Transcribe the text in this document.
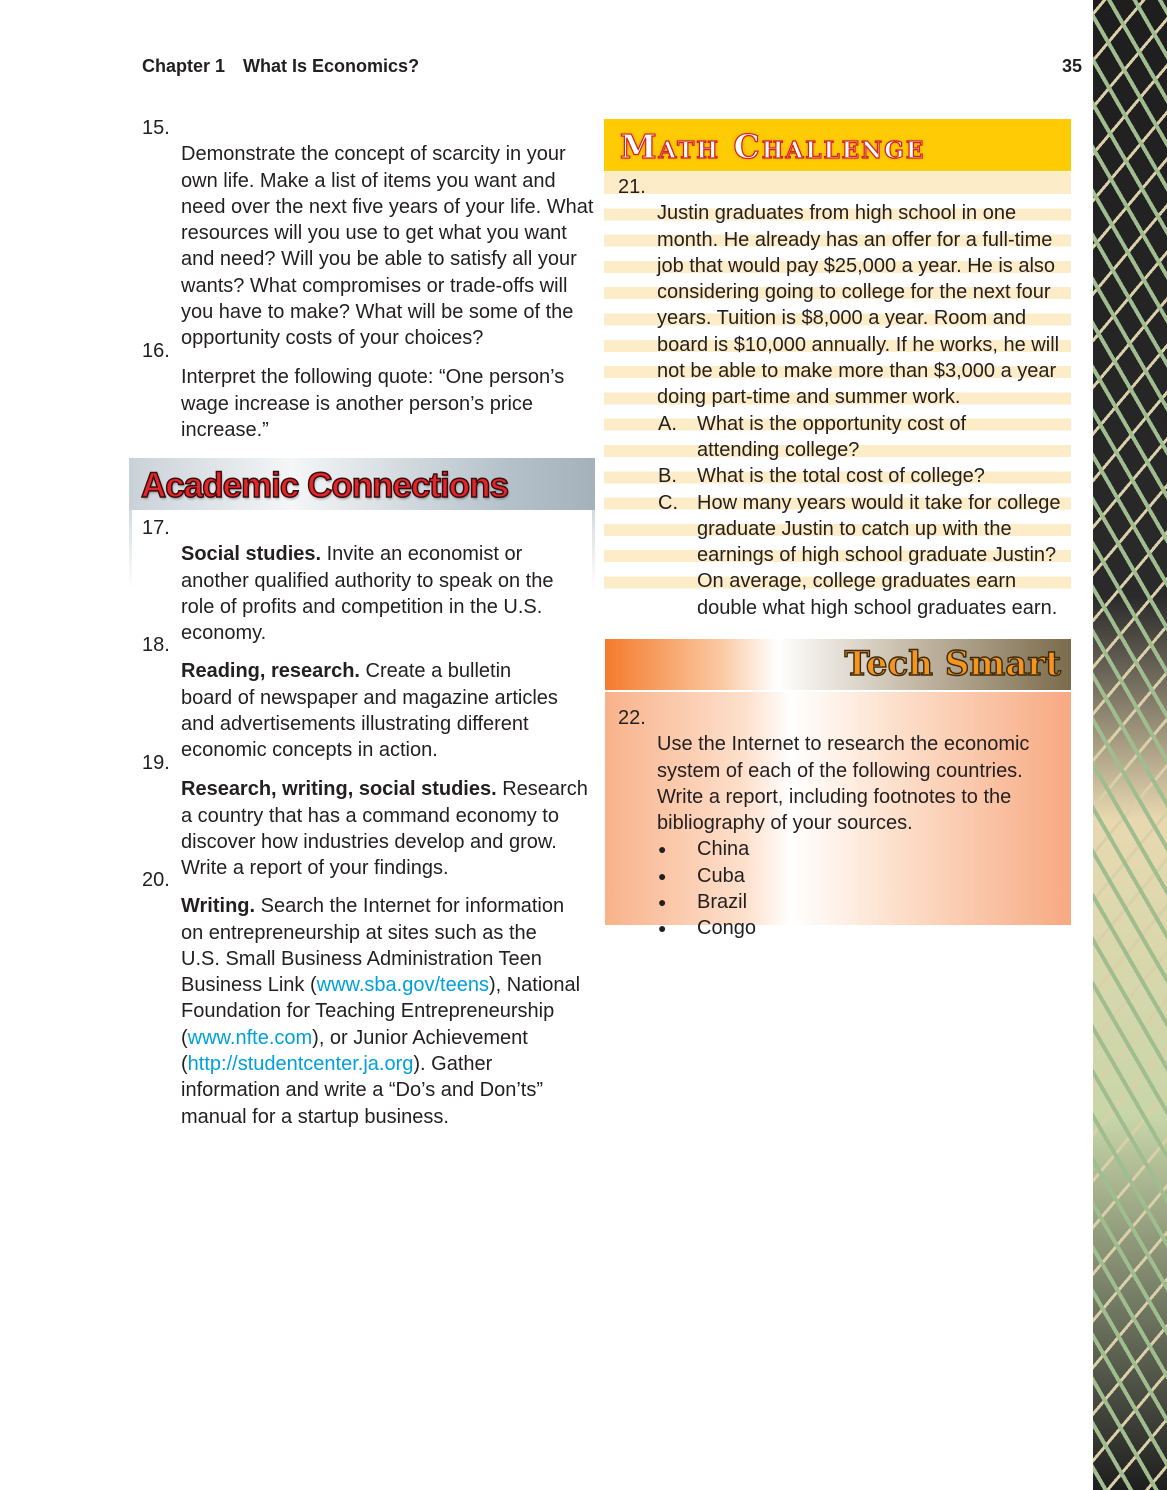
Chapter 1 What Is Economics?	35
Academic Connections
Math Challenge
Tech Smart
15.
Demonstrate the concept of scarcity in your
own life. Make a list of items you want and
need over the next five years of your life. What
resources will you use to get what you want
and need? Will you be able to satisfy all your
wants? What compromises or trade-offs will
you have to make? What will be some of the
opportunity costs of your choices?
16.
Interpret the following quote: “One person’s
wage increase is another person’s price
increase.”
17.
Social studies. Invite an economist or
another qualified authority to speak on the
role of profits and competition in the U.S.
economy.
18.
Reading, research. Create a bulletin
board of newspaper and magazine articles
and advertisements illustrating different
economic concepts in action.
19.
Research, writing, social studies. Research
a country that has a command economy to
discover how industries develop and grow.
Write a report of your findings.
20.
Writing. Search the Internet for information
on entrepreneurship at sites such as the
U.S. Small Business Administration Teen
Business Link (www.sba.gov/teens), National
Foundation for Teaching Entrepreneurship
(www.nfte.com), or Junior Achievement
(http://studentcenter.ja.org). Gather
information and write a “Do’s and Don’ts”
manual for a startup business.
21.
Justin graduates from high school in one
month. He already has an offer for a full-time
job that would pay $25,000 a year. He is also
considering going to college for the next four
years. Tuition is $8,000 a year. Room and
board is $10,000 annually. If he works, he will
not be able to make more than $3,000 a year
doing part-time and summer work.
A. What is the opportunity cost of
attending college?
B. What is the total cost of college?
C. How many years would it take for college
graduate Justin to catch up with the
earnings of high school graduate Justin?
On average, college graduates earn
double what high school graduates earn.
22.
Use the Internet to research the economic
system of each of the following countries.
Write a report, including footnotes to the
bibliography of your sources.
● China
● Cuba
● Brazil
● Congo
